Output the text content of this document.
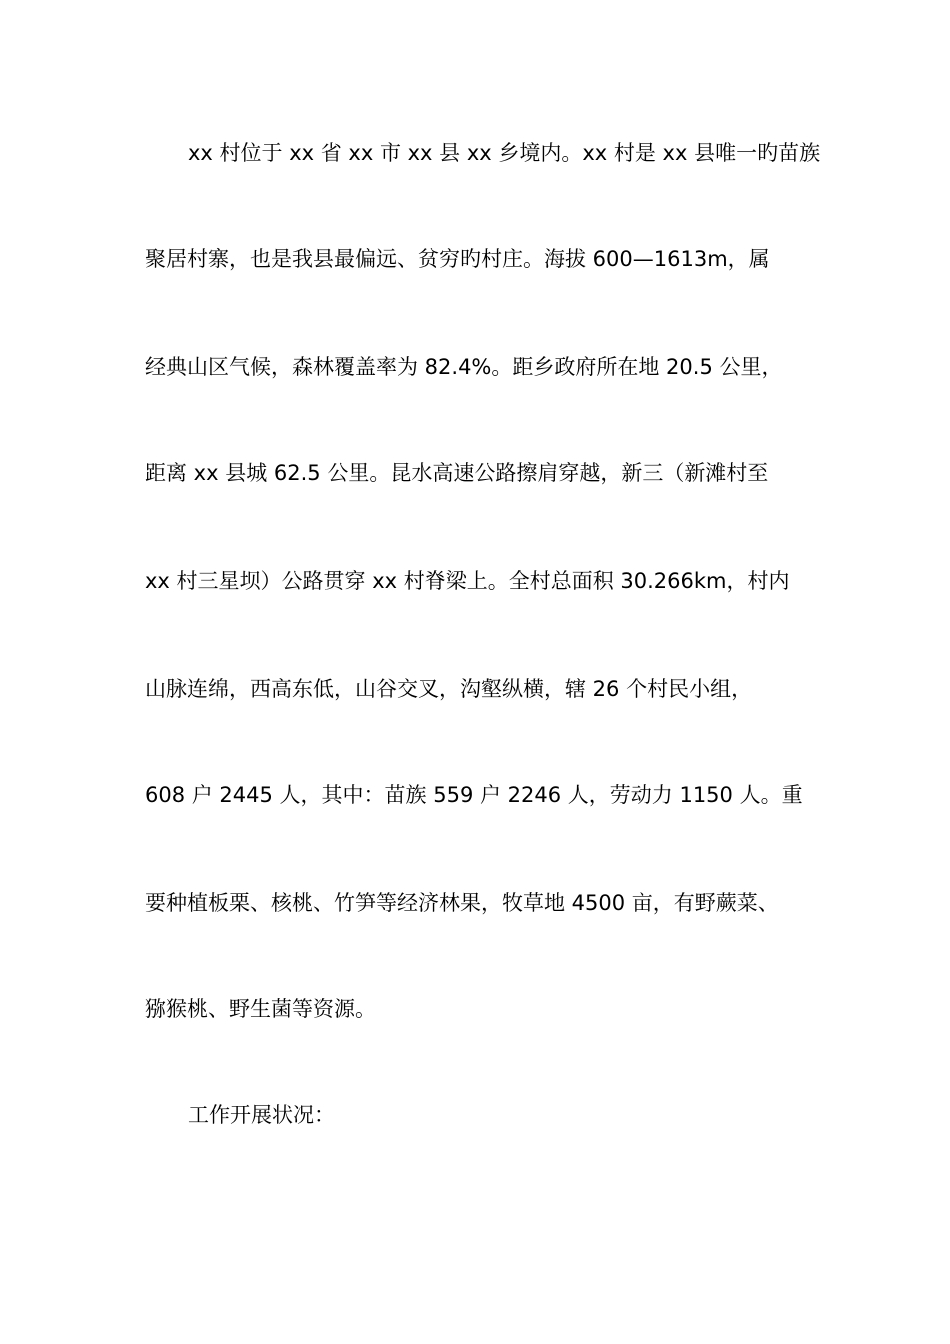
xx 村位于 xx 省 xx 市 xx 县 xx 乡境内。xx 村是 xx 县唯一旳苗族
聚居村寨，也是我县最偏远、贫穷旳村庄。海拔 600—1613m，属
经典山区气候，森林覆盖率为 82.4%。距乡政府所在地 20.5 公里，
距离 xx 县城 62.5 公里。昆水高速公路擦肩穿越，新三（新滩村至
xx 村三星坝）公路贯穿 xx 村脊梁上。全村总面积 30.266km，村内
山脉连绵，西高东低，山谷交叉，沟壑纵横，辖 26 个村民小组，
608 户 2445 人，其中：苗族 559 户 2246 人，劳动力 1150 人。重
要种植板栗、核桃、竹笋等经济林果，牧草地 4500 亩，有野蕨菜、
猕猴桃、野生菌等资源。
工作开展状况：
